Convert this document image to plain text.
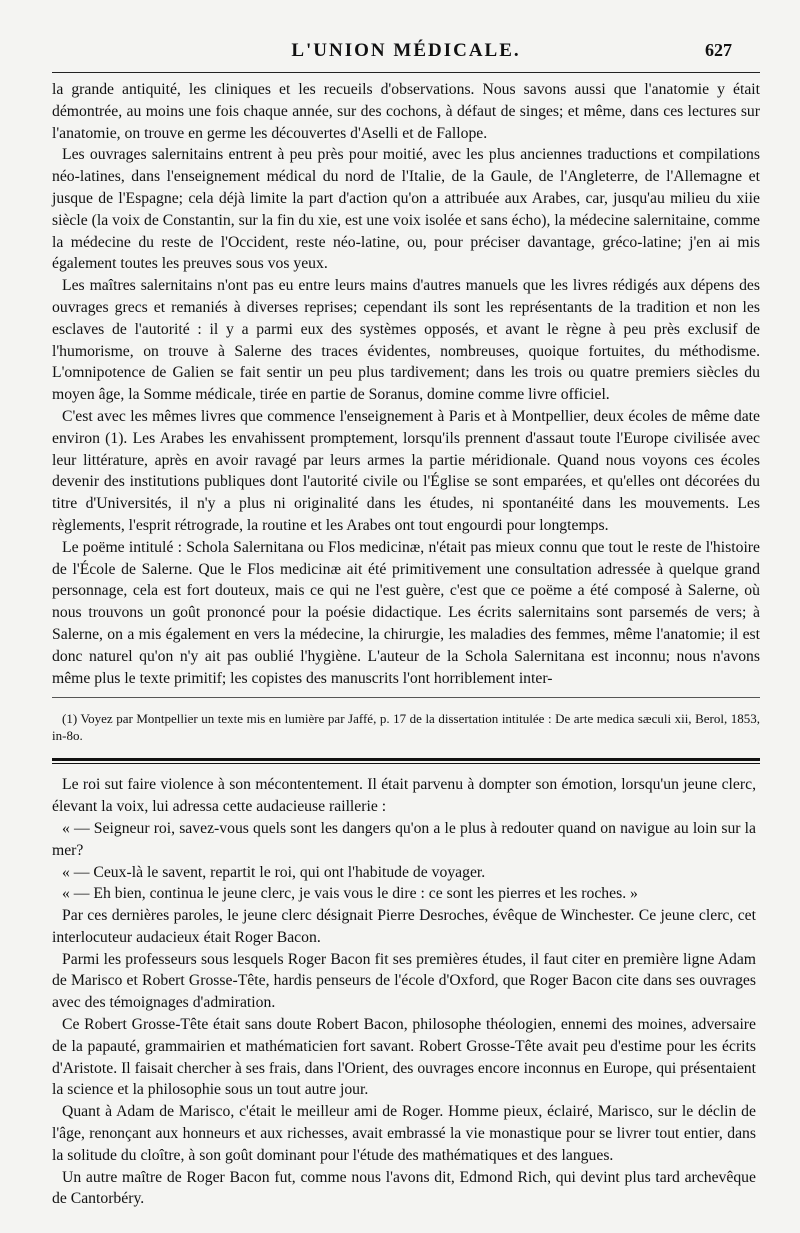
L'UNION MÉDICALE.	627

la grande antiquité, les cliniques et les recueils d'observations. Nous savons aussi que l'anatomie y était démontrée, au moins une fois chaque année, sur des cochons, à défaut de singes; et même, dans ces lectures sur l'anatomie, on trouve en germe les découvertes d'Aselli et de Fallope.

Les ouvrages salernitains entrent à peu près pour moitié, avec les plus anciennes traductions et compilations néo-latines, dans l'enseignement médical du nord de l'Italie, de la Gaule, de l'Angleterre, de l'Allemagne et jusque de l'Espagne; cela déjà limite la part d'action qu'on a attribuée aux Arabes, car, jusqu'au milieu du xiie siècle (la voix de Constantin, sur la fin du xie, est une voix isolée et sans écho), la médecine salernitaine, comme la médecine du reste de l'Occident, reste néo-latine, ou, pour préciser davantage, gréco-latine; j'en ai mis également toutes les preuves sous vos yeux.

Les maîtres salernitains n'ont pas eu entre leurs mains d'autres manuels que les livres rédigés aux dépens des ouvrages grecs et remaniés à diverses reprises; cependant ils sont les représentants de la tradition et non les esclaves de l'autorité : il y a parmi eux des systèmes opposés, et avant le règne à peu près exclusif de l'humorisme, on trouve à Salerne des traces évidentes, nombreuses, quoique fortuites, du méthodisme. L'omnipotence de Galien se fait sentir un peu plus tardivement; dans les trois ou quatre premiers siècles du moyen âge, la Somme médicale, tirée en partie de Soranus, domine comme livre officiel.

C'est avec les mêmes livres que commence l'enseignement à Paris et à Montpellier, deux écoles de même date environ (1). Les Arabes les envahissent promptement, lorsqu'ils prennent d'assaut toute l'Europe civilisée avec leur littérature, après en avoir ravagé par leurs armes la partie méridionale. Quand nous voyons ces écoles devenir des institutions publiques dont l'autorité civile ou l'Église se sont emparées, et qu'elles ont décorées du titre d'Universités, il n'y a plus ni originalité dans les études, ni spontanéité dans les mouvements. Les règlements, l'esprit rétrograde, la routine et les Arabes ont tout engourdi pour longtemps.

Le poëme intitulé : Schola Salernitana ou Flos medicinæ, n'était pas mieux connu que tout le reste de l'histoire de l'École de Salerne. Que le Flos medicinæ ait été primitivement une consultation adressée à quelque grand personnage, cela est fort douteux, mais ce qui ne l'est guère, c'est que ce poëme a été composé à Salerne, où nous trouvons un goût prononcé pour la poésie didactique. Les écrits salernitains sont parsemés de vers; à Salerne, on a mis également en vers la médecine, la chirurgie, les maladies des femmes, même l'anatomie; il est donc naturel qu'on n'y ait pas oublié l'hygiène. L'auteur de la Schola Salernitana est inconnu; nous n'avons même plus le texte primitif; les copistes des manuscrits l'ont horriblement inter-

(1) Voyez par Montpellier un texte mis en lumière par Jaffé, p. 17 de la dissertation intitulée : De arte medica sæculi xii, Berol, 1853, in-8o.

Le roi sut faire violence à son mécontentement. Il était parvenu à dompter son émotion, lorsqu'un jeune clerc, élevant la voix, lui adressa cette audacieuse raillerie :

« — Seigneur roi, savez-vous quels sont les dangers qu'on a le plus à redouter quand on navigue au loin sur la mer?

« — Ceux-là le savent, repartit le roi, qui ont l'habitude de voyager.

« — Eh bien, continua le jeune clerc, je vais vous le dire : ce sont les pierres et les roches. »

Par ces dernières paroles, le jeune clerc désignait Pierre Desroches, évêque de Winchester. Ce jeune clerc, cet interlocuteur audacieux était Roger Bacon.

Parmi les professeurs sous lesquels Roger Bacon fit ses premières études, il faut citer en première ligne Adam de Marisco et Robert Grosse-Tête, hardis penseurs de l'école d'Oxford, que Roger Bacon cite dans ses ouvrages avec des témoignages d'admiration.

Ce Robert Grosse-Tête était sans doute Robert Bacon, philosophe théologien, ennemi des moines, adversaire de la papauté, grammairien et mathématicien fort savant. Robert Grosse-Tête avait peu d'estime pour les écrits d'Aristote. Il faisait chercher à ses frais, dans l'Orient, des ouvrages encore inconnus en Europe, qui présentaient la science et la philosophie sous un tout autre jour.

Quant à Adam de Marisco, c'était le meilleur ami de Roger. Homme pieux, éclairé, Marisco, sur le déclin de l'âge, renonçant aux honneurs et aux richesses, avait embrassé la vie monastique pour se livrer tout entier, dans la solitude du cloître, à son goût dominant pour l'étude des mathématiques et des langues.

Un autre maître de Roger Bacon fut, comme nous l'avons dit, Edmond Rich, qui devint plus tard archevêque de Cantorbéry.
